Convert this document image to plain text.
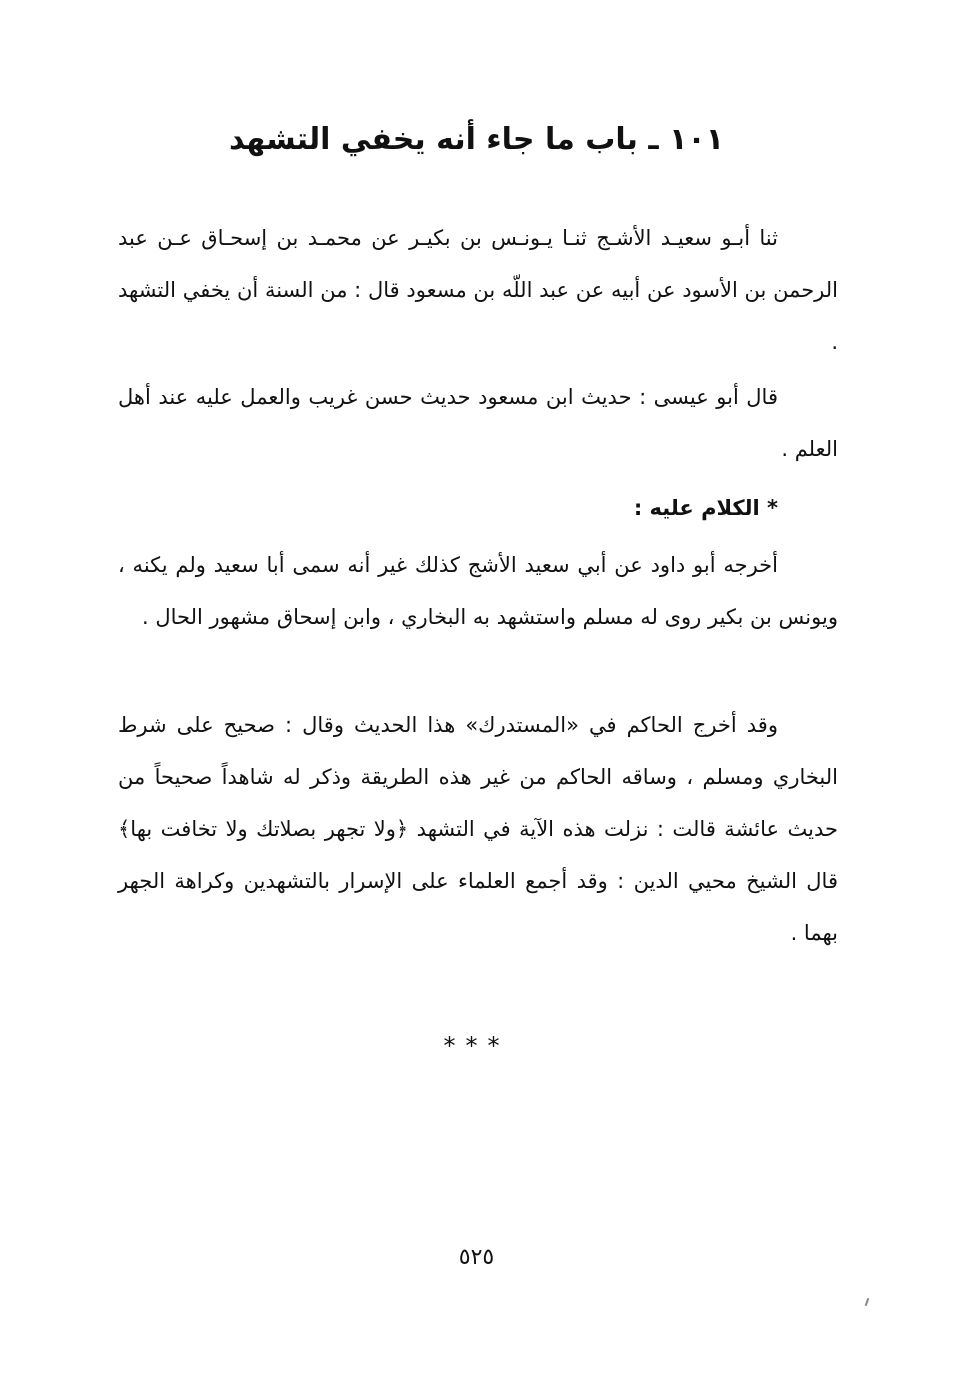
١٠١ ـ باب ما جاء أنه يخفي التشهد
ثنا أبـو سعيـد الأشـج ثنـا يـونـس بن بكيـر عن محمـد بن إسحـاق عـن عبد الرحمن بن الأسود عن أبيه عن عبد اللّه بن مسعود قال : من السنة أن يخفي التشهد .
قال أبو عيسى : حديث ابن مسعود حديث حسن غريب والعمل عليه عند أهل العلم .
* الكلام عليه :
أخرجه أبو داود عن أبي سعيد الأشج كذلك غير أنه سمى أبا سعيد ولم يكنه ، ويونس بن بكير روى له مسلم واستشهد به البخاري ، وابن إسحاق مشهور الحال .
وقد أخرج الحاكم في «المستدرك» هذا الحديث وقال : صحيح على شرط البخاري ومسلم ، وساقه الحاكم من غير هذه الطريقة وذكر له شاهداً صحيحاً من حديث عائشة قالت : نزلت هذه الآية في التشهد ﴿ولا تجهر بصلاتك ولا تخافت بها﴾ قال الشيخ محيي الدين : وقد أجمع العلماء على الإسرار بالتشهدين وكراهة الجهر بهما .
***
٥٢٥
